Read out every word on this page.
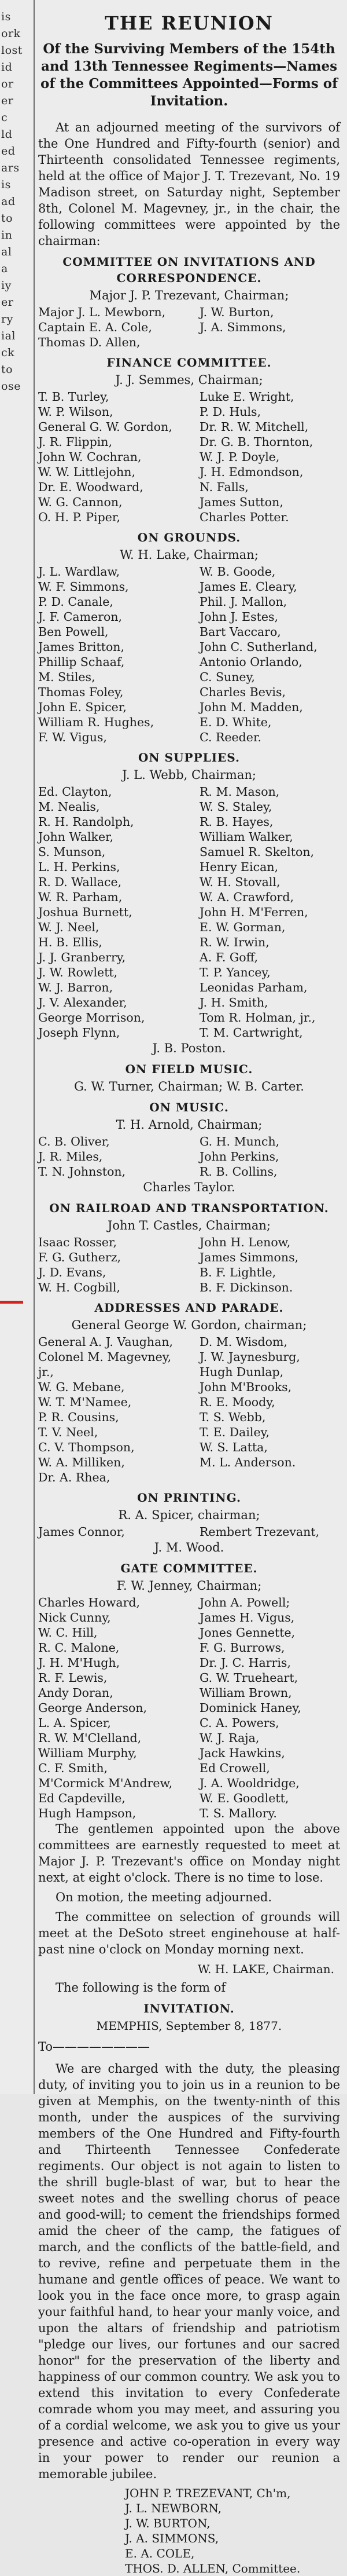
is
ork
lost
id
or
er
c
ld
ed
ars
is
ad
to
in
al
a
iy
er
ry
ial
ck
to
ose
THE REUNION
Of the Surviving Members of the 154th and 13th Tennessee Regiments—Names of the Committees Appointed—Forms of Invitation.

At an adjourned meeting of the survivors of the One Hundred and Fifty-fourth (senior) and Thirteenth consolidated Tennessee regiments, held at the office of Major J. T. Trezevant, No. 19 Madison street, on Saturday night, September 8th, Colonel M. Magevney, jr., in the chair, the following committees were appointed by the chairman:

COMMITTEE ON INVITATIONS AND CORRESPONDENCE.
Major J. P. Trezevant, Chairman;
Major J. L. Mewborn,
Captain E. A. Cole,
Thomas D. Allen,
J. W. Burton,
J. A. Simmons,
FINANCE COMMITTEE.
J. J. Semmes, Chairman;
T. B. Turley,
W. P. Wilson,
General G. W. Gordon,
J. R. Flippin,
John W. Cochran,
W. W. Littlejohn,
Dr. E. Woodward,
W. G. Cannon,
O. H. P. Piper,
Luke E. Wright,
P. D. Huls,
Dr. R. W. Mitchell,
Dr. G. B. Thornton,
W. J. P. Doyle,
J. H. Edmondson,
N. Falls,
James Sutton,
Charles Potter.
ON GROUNDS.
W. H. Lake, Chairman;
J. L. Wardlaw,
W. F. Simmons,
P. D. Canale,
J. F. Cameron,
Ben Powell,
James Britton,
Phillip Schaaf,
M. Stiles,
Thomas Foley,
John E. Spicer,
William R. Hughes,
F. W. Vigus,
W. B. Goode,
James E. Cleary,
Phil. J. Mallon,
John J. Estes,
Bart Vaccaro,
John C. Sutherland,
Antonio Orlando,
C. Suney,
Charles Bevis,
John M. Madden,
E. D. White,
C. Reeder.
ON SUPPLIES.
J. L. Webb, Chairman;
Ed. Clayton,
M. Nealis,
R. H. Randolph,
John Walker,
S. Munson,
L. H. Perkins,
R. D. Wallace,
W. R. Parham,
Joshua Burnett,
W. J. Neel,
H. B. Ellis,
J. J. Granberry,
J. W. Rowlett,
W. J. Barron,
J. V. Alexander,
George Morrison,
Joseph Flynn,
R. M. Mason,
W. S. Staley,
R. B. Hayes,
William Walker,
Samuel R. Skelton,
Henry Eican,
W. H. Stovall,
W. A. Crawford,
John H. M'Ferren,
E. W. Gorman,
R. W. Irwin,
A. F. Goff,
T. P. Yancey,
Leonidas Parham,
J. H. Smith,
Tom R. Holman, jr.,
T. M. Cartwright,
J. B. Poston.
ON FIELD MUSIC.
G. W. Turner, Chairman; W. B. Carter.
ON MUSIC.
T. H. Arnold, Chairman;
C. B. Oliver,
J. R. Miles,
T. N. Johnston,
G. H. Munch,
John Perkins,
R. B. Collins,
Charles Taylor.
ON RAILROAD AND TRANSPORTATION.
John T. Castles, Chairman;
Isaac Rosser,
F. G. Gutherz,
J. D. Evans,
W. H. Cogbill,
John H. Lenow,
James Simmons,
B. F. Lightle,
B. F. Dickinson.
ADDRESSES AND PARADE.
General George W. Gordon, chairman;
General A. J. Vaughan,
Colonel M. Magevney, jr.,
W. G. Mebane,
W. T. M'Namee,
P. R. Cousins,
T. V. Neel,
C. V. Thompson,
W. A. Milliken,
Dr. A. Rhea,
D. M. Wisdom,
J. W. Jaynesburg,
Hugh Dunlap,
John M'Brooks,
R. E. Moody,
T. S. Webb,
T. E. Dailey,
W. S. Latta,
M. L. Anderson.
ON PRINTING.
R. A. Spicer, chairman;
James Connor,	Rembert Trezevant,
J. M. Wood.
GATE COMMITTEE.
F. W. Jenney, Chairman;
Charles Howard,
Nick Cunny,
W. C. Hill,
R. C. Malone,
J. H. M'Hugh,
R. F. Lewis,
Andy Doran,
George Anderson,
L. A. Spicer,
R. W. M'Clelland,
William Murphy,
C. F. Smith,
M'Cormick M'Andrew,
Ed Capdeville,
Hugh Hampson,
John A. Powell;
James H. Vigus,
Jones Gennette,
F. G. Burrows,
Dr. J. C. Harris,
G. W. Trueheart,
William Brown,
Dominick Haney,
C. A. Powers,
W. J. Raja,
Jack Hawkins,
Ed Crowell,
J. A. Wooldridge,
W. E. Goodlett,
T. S. Mallory.

The gentlemen appointed upon the above committees are earnestly requested to meet at Major J. P. Trezevant's office on Monday night next, at eight o'clock. There is no time to lose.

On motion, the meeting adjourned.

The committee on selection of grounds will meet at the DeSoto street enginehouse at half-past nine o'clock on Monday morning next.

W. H. LAKE, Chairman.

The following is the form of

INVITATION.
MEMPHIS, September 8, 1877.
To————————

We are charged with the duty, the pleasing duty, of inviting you to join us in a reunion to be given at Memphis, on the twenty-ninth of this month, under the auspices of the surviving members of the One Hundred and Fifty-fourth and Thirteenth Tennessee Confederate regiments. Our object is not again to listen to the shrill bugle-blast of war, but to hear the sweet notes and the swelling chorus of peace and good-will; to cement the friendships formed amid the cheer of the camp, the fatigues of march, and the conflicts of the battle-field, and to revive, refine and perpetuate them in the humane and gentle offices of peace. We want to look you in the face once more, to grasp again your faithful hand, to hear your manly voice, and upon the altars of friendship and patriotism "pledge our lives, our fortunes and our sacred honor" for the preservation of the liberty and happiness of our common country. We ask you to extend this invitation to every Confederate comrade whom you may meet, and assuring you of a cordial welcome, we ask you to give us your presence and active co-operation in every way in your power to render our reunion a memorable jubilee.

JOHN P. TREZEVANT, Ch'm,
J. L. NEWBORN,
J. W. BURTON,
J. A. SIMMONS,
E. A. COLE,
THOS. D. ALLEN, Committee.
